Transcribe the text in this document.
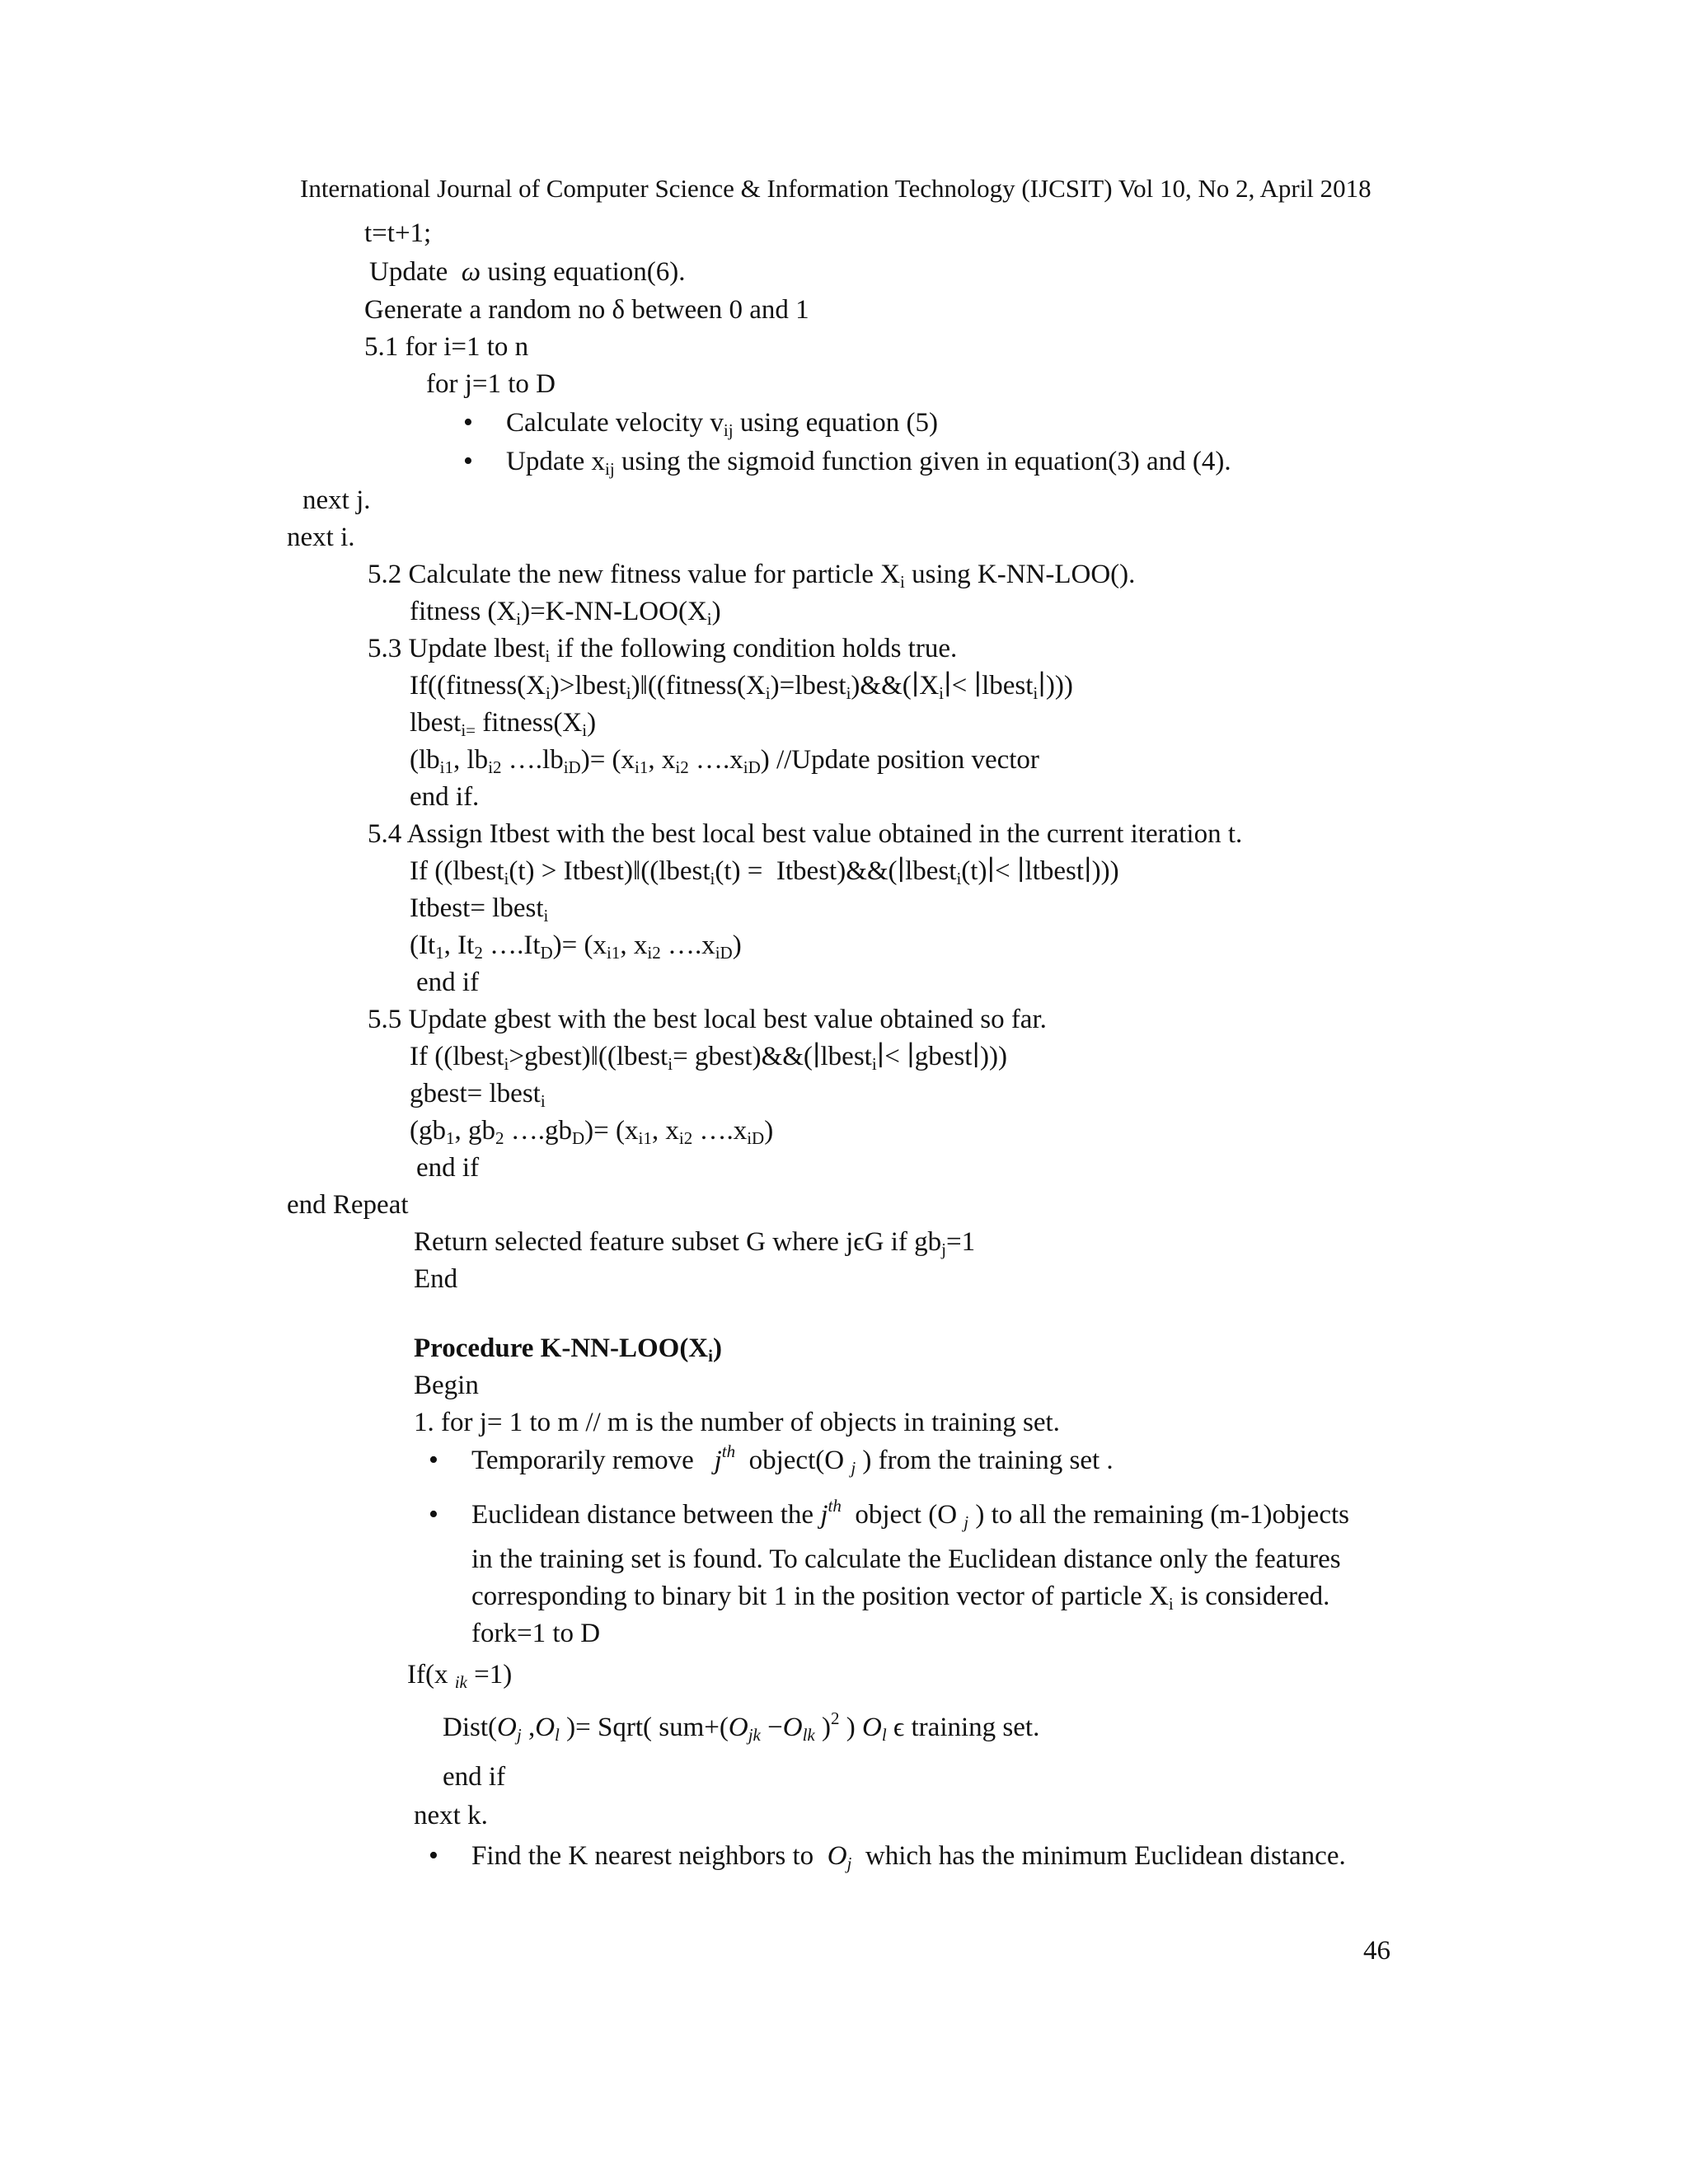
International Journal of Computer Science & Information Technology (IJCSIT) Vol 10, No 2, April 2018
t=t+1;
Update  ω using equation(6).
Generate a random no δ between 0 and 1
5.1 for i=1 to n
for j=1 to D
• Calculate velocity $v_{ij}$ using equation (5)
• Update $x_{ij}$ using the sigmoid function given in equation(3) and (4).
next j.
next i.
5.2 Calculate the new fitness value for particle $X_i$ using K-NN-LOO().
fitness $(X_i)=K-NN-LOO(X_i)$
5.3 Update lbest$_i$ if the following condition holds true.
$If((fitness(X_i)>lbest_i)‖((fitness(X_i)=lbest_i)\&\&(∣X_i∣<$ ∣lbest$_i$∣)))
lbest$_{i=}$ $fitness(X_i)$
($lb_{i1}$, $lb_{i2}$ $\dots.lb_{iD})= (x_{i1}$, $x_{i2}$ $\dots.x_{iD}$) //Update position vector
end if.
5.4 Assign Itbest with the best local best value obtained in the current iteration t.
If ((lbest$_i$(t) > Itbest)‖((lbest$_i$(t) =  Itbest)&&(∣lbest$_i$(t)∣< ∣ltbest∣)))
Itbest= lbest$_i$
($It_1$, $It_2$ $\dots.It_D)= (x_{i1}$, $x_{i2}$ $\dots.x_{iD}$)
end if
5.5 Update gbest with the best local best value obtained so far.
If ((lbest$_i$>gbest)‖((lbest$_i$= gbest)&&(∣lbest$_i$∣< ∣gbest∣)))
gbest= lbest$_i$
($gb_1$, $gb_2$ $\dots.gb_D)= (x_{i1}$, $x_{i2}$ $\dots.x_{iD}$)
end if
end Repeat
Return selected feature subset G where jϵG if $gb_j=1$
End
Procedure $K-NN-LOO(X_i)$
Begin
1. for j= 1 to m // m is the number of objects in training set.
• Temporarily remove   $j^{th}$  object(O $_j$ ) from the training set .
• Euclidean distance between the $j^{th}$  object (O $_j$ ) to all the remaining (m-1)objects
in the training set is found. To calculate the Euclidean distance only the features
corresponding to binary bit 1 in the position vector of particle $X_i$ is considered.
fork=1 to D
If(x $_{ik}$ =1)
$Dist(O_j$ $,O_l$ )= Sqrt( $sum+(O_{jk} -O_{lk}$ )$^2$ ) $O_l$ ϵ training set.
end if
next k.
• Find the K nearest neighbors to  $O_j$  which has the minimum Euclidean distance.
46
